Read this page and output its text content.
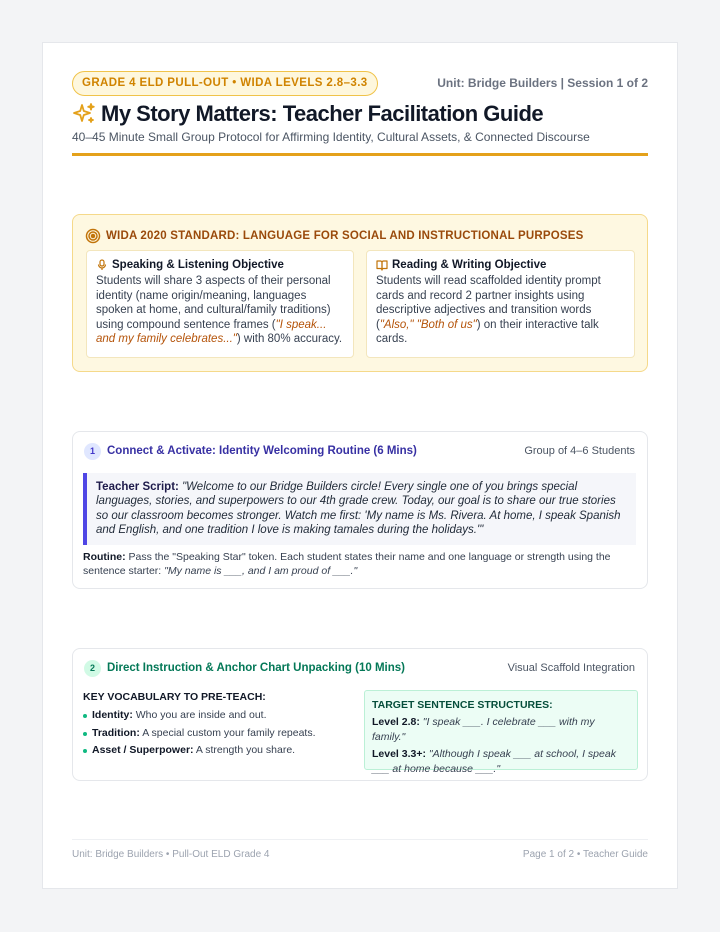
GRADE 4 ELD PULL-OUT • WIDA LEVELS 2.8–3.3	Unit: Bridge Builders | Session 1 of 2
My Story Matters: Teacher Facilitation Guide
40–45 Minute Small Group Protocol for Affirming Identity, Cultural Assets, & Connected Discourse
WIDA 2020 STANDARD: LANGUAGE FOR SOCIAL AND INSTRUCTIONAL PURPOSES
Speaking & Listening Objective
Students will share 3 aspects of their personal identity (name origin/meaning, languages spoken at home, and cultural/family traditions) using compound sentence frames ("I speak... and my family celebrates...") with 80% accuracy.
Reading & Writing Objective
Students will read scaffolded identity prompt cards and record 2 partner insights using descriptive adjectives and transition words ("Also," "Both of us") on their interactive talk cards.
1	Connect & Activate: Identity Welcoming Routine (6 Mins)	Group of 4–6 Students
Teacher Script: "Welcome to our Bridge Builders circle! Every single one of you brings special languages, stories, and superpowers to our 4th grade crew. Today, our goal is to share our true stories so our classroom becomes stronger. Watch me first: 'My name is Ms. Rivera. At home, I speak Spanish and English, and one tradition I love is making tamales during the holidays.'"
Routine: Pass the "Speaking Star" token. Each student states their name and one language or strength using the sentence starter: "My name is ___, and I am proud of ___."
2	Direct Instruction & Anchor Chart Unpacking (10 Mins)	Visual Scaffold Integration
KEY VOCABULARY TO PRE-TEACH:
Identity: Who you are inside and out.
Tradition: A special custom your family repeats.
Asset / Superpower: A strength you share.
TARGET SENTENCE STRUCTURES:
Level 2.8: "I speak ___. I celebrate ___ with my family."
Level 3.3+: "Although I speak ___ at school, I speak ___ at home because ___."
Unit: Bridge Builders • Pull-Out ELD Grade 4	Page 1 of 2 • Teacher Guide
